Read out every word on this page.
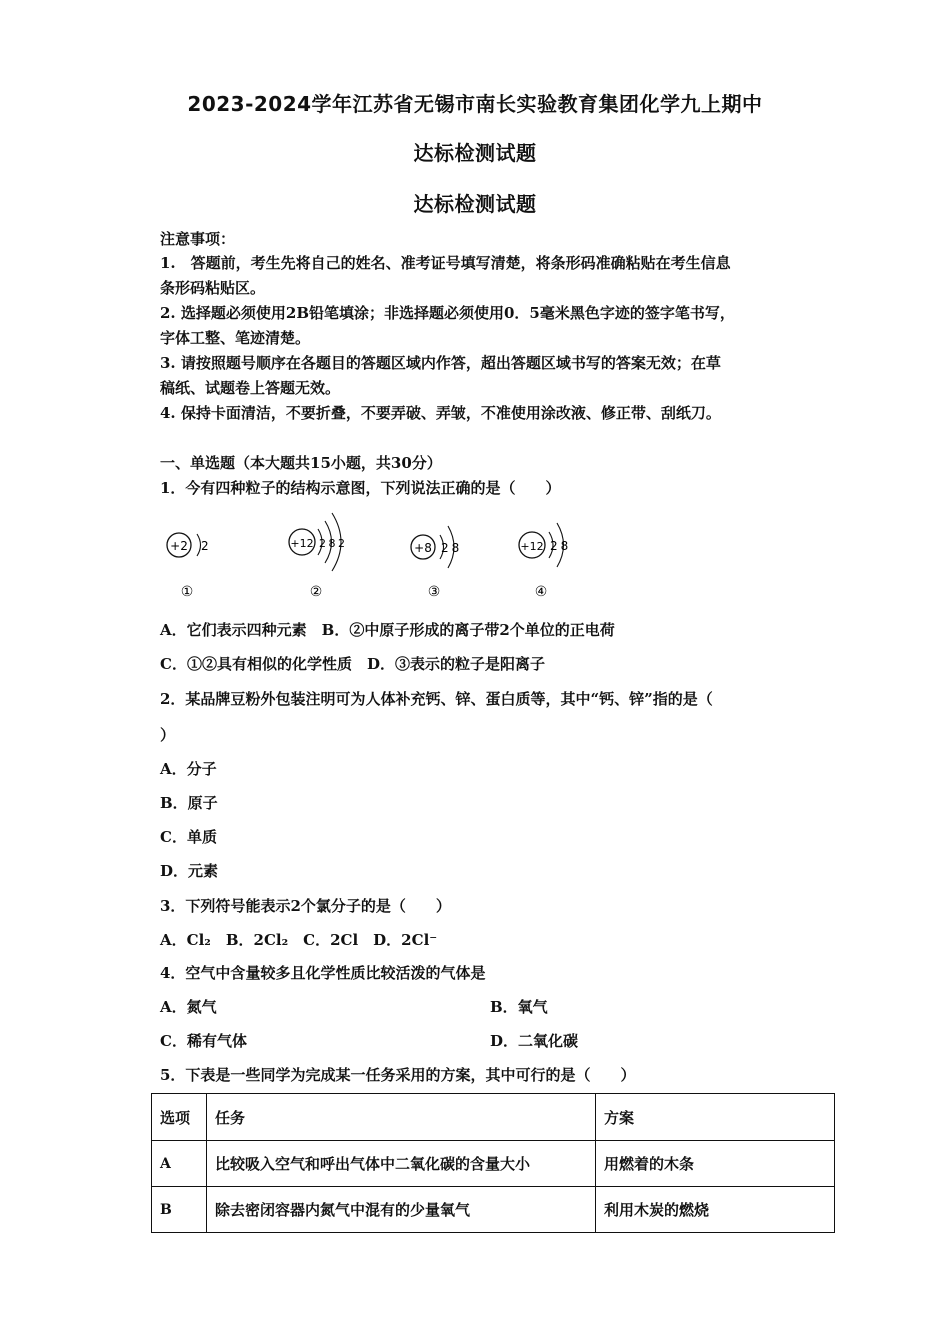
2023-2024学年江苏省无锡市南长实验教育集团化学九上期中
达标检测试题
达标检测试题
注意事项：
1.　答题前，考生先将自己的姓名、准考证号填写清楚，将条形码准确粘贴在考生信息
条形码粘贴区。
2. 选择题必须使用2B铅笔填涂；非选择题必须使用0．5毫米黑色字迹的签字笔书写，
字体工整、笔迹清楚。
3. 请按照题号顺序在各题目的答题区域内作答，超出答题区域书写的答案无效；在草
稿纸、试题卷上答题无效。
4. 保持卡面清洁，不要折叠，不要弄破、弄皱，不准使用涂改液、修正带、刮纸刀。
一、单选题（本大题共15小题，共30分）
1．今有四种粒子的结构示意图，下列说法正确的是（　　）
+2 2
①
+12 282
②
+8 28
③
+12 28
④
A．它们表示四种元素　B．②中原子形成的离子带2个单位的正电荷
C．①②具有相似的化学性质　D．③表示的粒子是阳离子
2．某品牌豆粉外包装注明可为人体补充钙、锌、蛋白质等，其中“钙、锌”指的是（
）
A．分子
B．原子
C．单质
D．元素
3．下列符号能表示2个氯分子的是（　　）
A．Cl₂　B．2Cl₂　C．2Cl　D．2Cl⁻
4．空气中含量较多且化学性质比较活泼的气体是
A．氮气	B．氧气
C．稀有气体	D．二氧化碳
5．下表是一些同学为完成某一任务采用的方案，其中可行的是（　　）
选项	任务	方案
A	比较吸入空气和呼出气体中二氧化碳的含量大小	用燃着的木条
B	除去密闭容器内氮气中混有的少量氧气	利用木炭的燃烧
